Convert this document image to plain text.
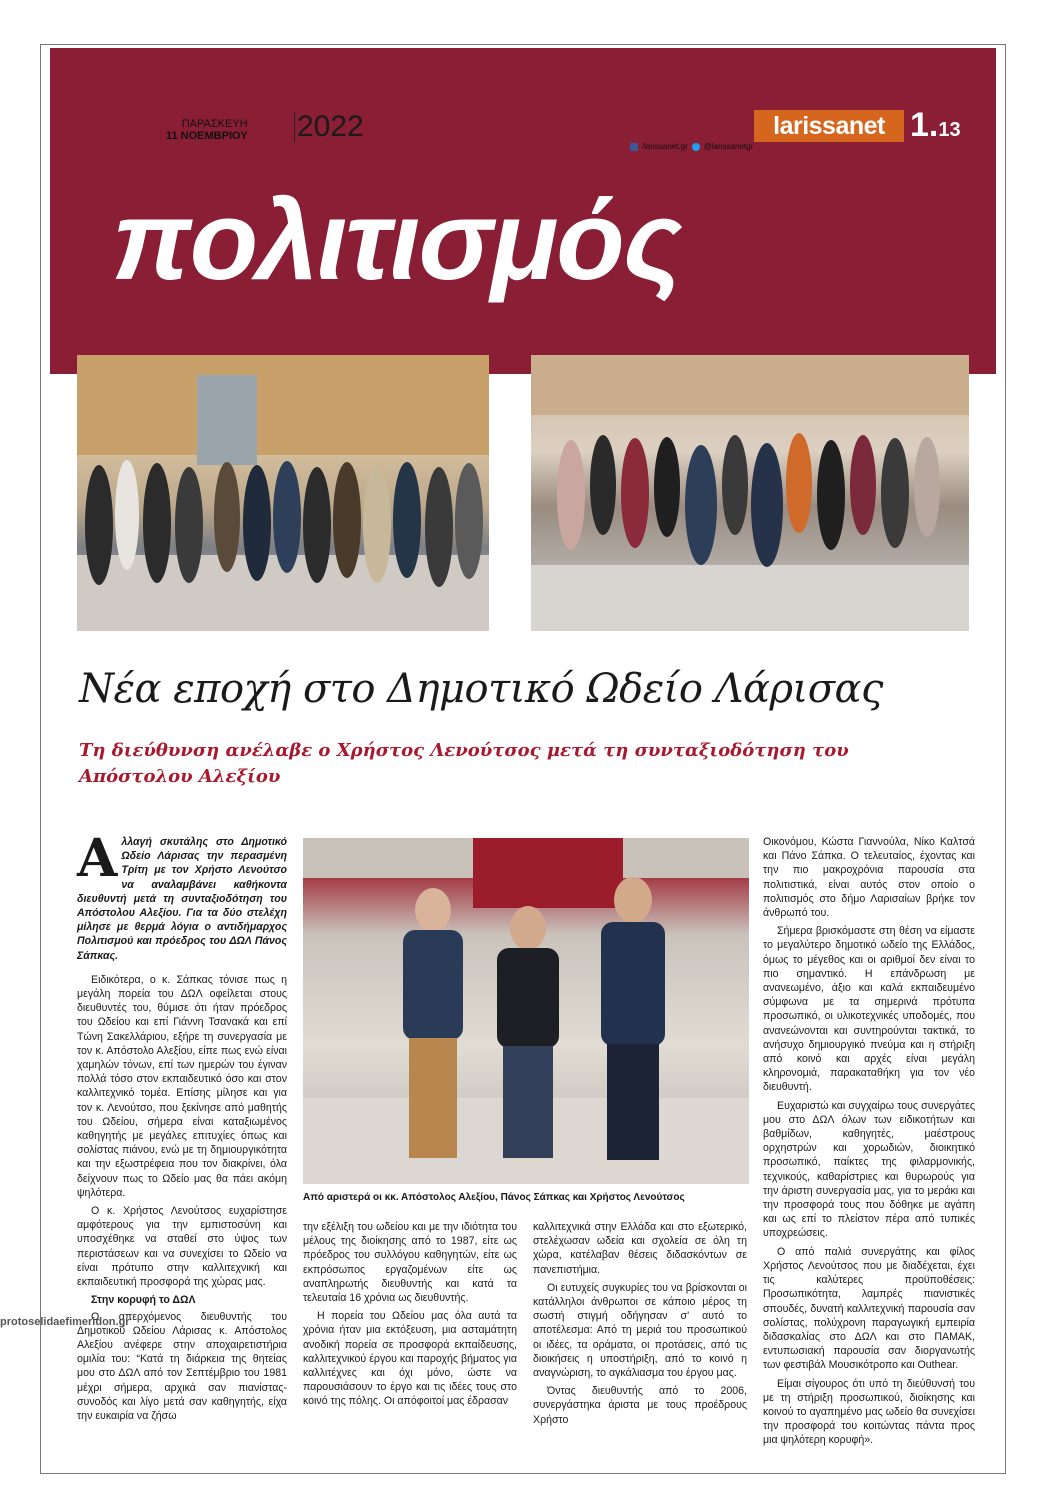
ΠΑΡΑΣΚΕΥΗ
11 ΝΟΕΜΒΡΙΟΥ 2022
/larissanet.gr @larissanetgr
larissanet 1.13
πολιτισμός
Νέα εποχή στο Δημοτικό Ωδείο Λάρισας
Τη διεύθυνση ανέλαβε ο Χρήστος Λενούτσος μετά τη συνταξιοδότηση του Απόστολου Αλεξίου

Αλλαγή σκυτάλης στο Δημοτικό Ωδείο Λάρισας την περασμένη Τρίτη με τον Χρήστο Λενούτσο να αναλαμβάνει καθήκοντα διευθυντή μετά τη συνταξιοδότηση του Απόστολου Αλεξίου. Για τα δύο στελέχη μίλησε με θερμά λόγια ο αντιδήμαρχος Πολιτισμού και πρόεδρος του ΔΩΛ Πάνος Σάπκας.

Ειδικότερα, ο κ. Σάπκας τόνισε πως η μεγάλη πορεία του ΔΩΛ οφείλεται στους διευθυντές του, θύμισε ότι ήταν πρόεδρος του Ωδείου και επί Γιάννη Τσανακά και επί Τώνη Σακελλάριου, εξήρε τη συνεργασία με τον κ. Απόστολο Αλεξίου, είπε πως ενώ είναι χαμηλών τόνων, επί των ημερών του έγιναν πολλά τόσο στον εκπαιδευτικό όσο και στον καλλιτεχνικό τομέα. Επίσης μίλησε και για τον κ. Λενούτσο, που ξεκίνησε από μαθητής του Ωδείου, σήμερα είναι καταξιωμένος καθηγητής με μεγάλες επιτυχίες όπως και σολίστας πιάνου, ενώ με τη δημιουργικότητα και την εξωστρέφεια που τον διακρίνει, όλα δείχνουν πως το Ωδείο μας θα πάει ακόμη ψηλότερα.

Ο κ. Χρήστος Λενούτσος ευχαρίστησε αμφότερους για την εμπιστοσύνη και υποσχέθηκε να σταθεί στο ύψος των περιστάσεων και να συνεχίσει το Ωδείο να είναι πρότυπο στην καλλιτεχνική και εκπαιδευτική προσφορά της χώρας μας.

Στην κορυφή το ΔΩΛ

Ο απερχόμενος διευθυντής του Δημοτικού Ωδείου Λάρισας κ. Απόστολος Αλεξίου ανέφερε στην αποχαιρετιστήρια ομιλία του: “Κατά τη διάρκεια της θητείας μου στο ΔΩΛ από τον Σεπτέμβριο του 1981 μέχρι σήμερα, αρχικά σαν πιανίστας-συνοδός και λίγο μετά σαν καθηγητής, είχα την ευκαιρία να ζήσω

Από αριστερά οι κκ. Απόστολος Αλεξίου, Πάνος Σάπκας και Χρήστος Λενούτσος

την εξέλιξη του ωδείου και με την ιδιότητα του μέλους της διοίκησης από το 1987, είτε ως πρόεδρος του συλλόγου καθηγητών, είτε ως εκπρόσωπος εργαζομένων είτε ως αναπληρωτής διευθυντής και κατά τα τελευταία 16 χρόνια ως διευθυντής.

Η πορεία του Ωδείου μας όλα αυτά τα χρόνια ήταν μια εκτόξευση, μια ασταμάτητη ανοδική πορεία σε προσφορά εκπαίδευσης, καλλιτεχνικού έργου και παροχής βήματος για καλλιτέχνες και όχι μόνο, ώστε να παρουσιάσουν το έργο και τις ιδέες τους στο κοινό της πόλης. Οι απόφοιτοί μας έδρασαν

καλλιτεχνικά στην Ελλάδα και στο εξωτερικό, στελέχωσαν ωδεία και σχολεία σε όλη τη χώρα, κατέλαβαν θέσεις διδασκόντων σε πανεπιστήμια.

Οι ευτυχείς συγκυρίες του να βρίσκονται οι κατάλληλοι άνθρωποι σε κάποιο μέρος τη σωστή στιγμή οδήγησαν σ' αυτό το αποτέλεσμα: Από τη μεριά του προσωπικού οι ιδέες, τα οράματα, οι προτάσεις, από τις διοικήσεις η υποστήριξη, από το κοινό η αναγνώριση, το αγκάλιασμα του έργου μας.

Όντας διευθυντής από το 2006, συνεργάστηκα άριστα με τους προέδρους Χρήστο

Οικονόμου, Κώστα Γιαννούλα, Νίκο Καλτσά και Πάνο Σάπκα. Ο τελευταίος, έχοντας και την πιο μακροχρόνια παρουσία στα πολιτιστικά, είναι αυτός στον οποίο ο πολιτισμός στο δήμο Λαρισαίων βρήκε τον άνθρωπό του.

Σήμερα βρισκόμαστε στη θέση να είμαστε το μεγαλύτερο δημοτικό ωδείο της Ελλάδος, όμως το μέγεθος και οι αριθμοί δεν είναι το πιο σημαντικό. Η επάνδρωση με ανανεωμένο, άξιο και καλά εκπαιδευμένο σύμφωνα με τα σημερινά πρότυπα προσωπικό, οι υλικοτεχνικές υποδομές, που ανανεώνονται και συντηρούνται τακτικά, το ανήσυχο δημιουργικό πνεύμα και η στήριξη από κοινό και αρχές είναι μεγάλη κληρονομιά, παρακαταθήκη για τον νέο διευθυντή.

Ευχαριστώ και συγχαίρω τους συνεργάτες μου στο ΔΩΛ όλων των ειδικοτήτων και βαθμίδων, καθηγητές, μαέστρους ορχηστρών και χορωδιών, διοικητικό προσωπικό, παίκτες της φιλαρμονικής, τεχνικούς, καθαρίστριες και θυρωρούς για την άριστη συνεργασία μας, για το μεράκι και την προσφορά τους που δόθηκε με αγάπη και ως επί το πλείστον πέρα από τυπικές υποχρεώσεις.

Ο από παλιά συνεργάτης και φίλος Χρήστος Λενούτσος που με διαδέχεται, έχει τις καλύτερες προϋποθέσεις: Προσωπικότητα, λαμπρές πιανιστικές σπουδές, δυνατή καλλιτεχνική παρουσία σαν σολίστας, πολύχρονη παραγωγική εμπειρία διδασκαλίας στο ΔΩΛ και στο ΠΑΜΑΚ, εντυπωσιακή παρουσία σαν διοργανωτής των φεστιβάλ Μουσικότροπο και Outhear.

Είμαι σίγουρος ότι υπό τη διεύθυνσή του με τη στήριξη προσωπικού, διοίκησης και κοινού το αγαπημένο μας ωδείο θα συνεχίσει την προσφορά του κοιτώντας πάντα προς μια ψηλότερη κορυφή».

protoselidaefimeridon.gr
